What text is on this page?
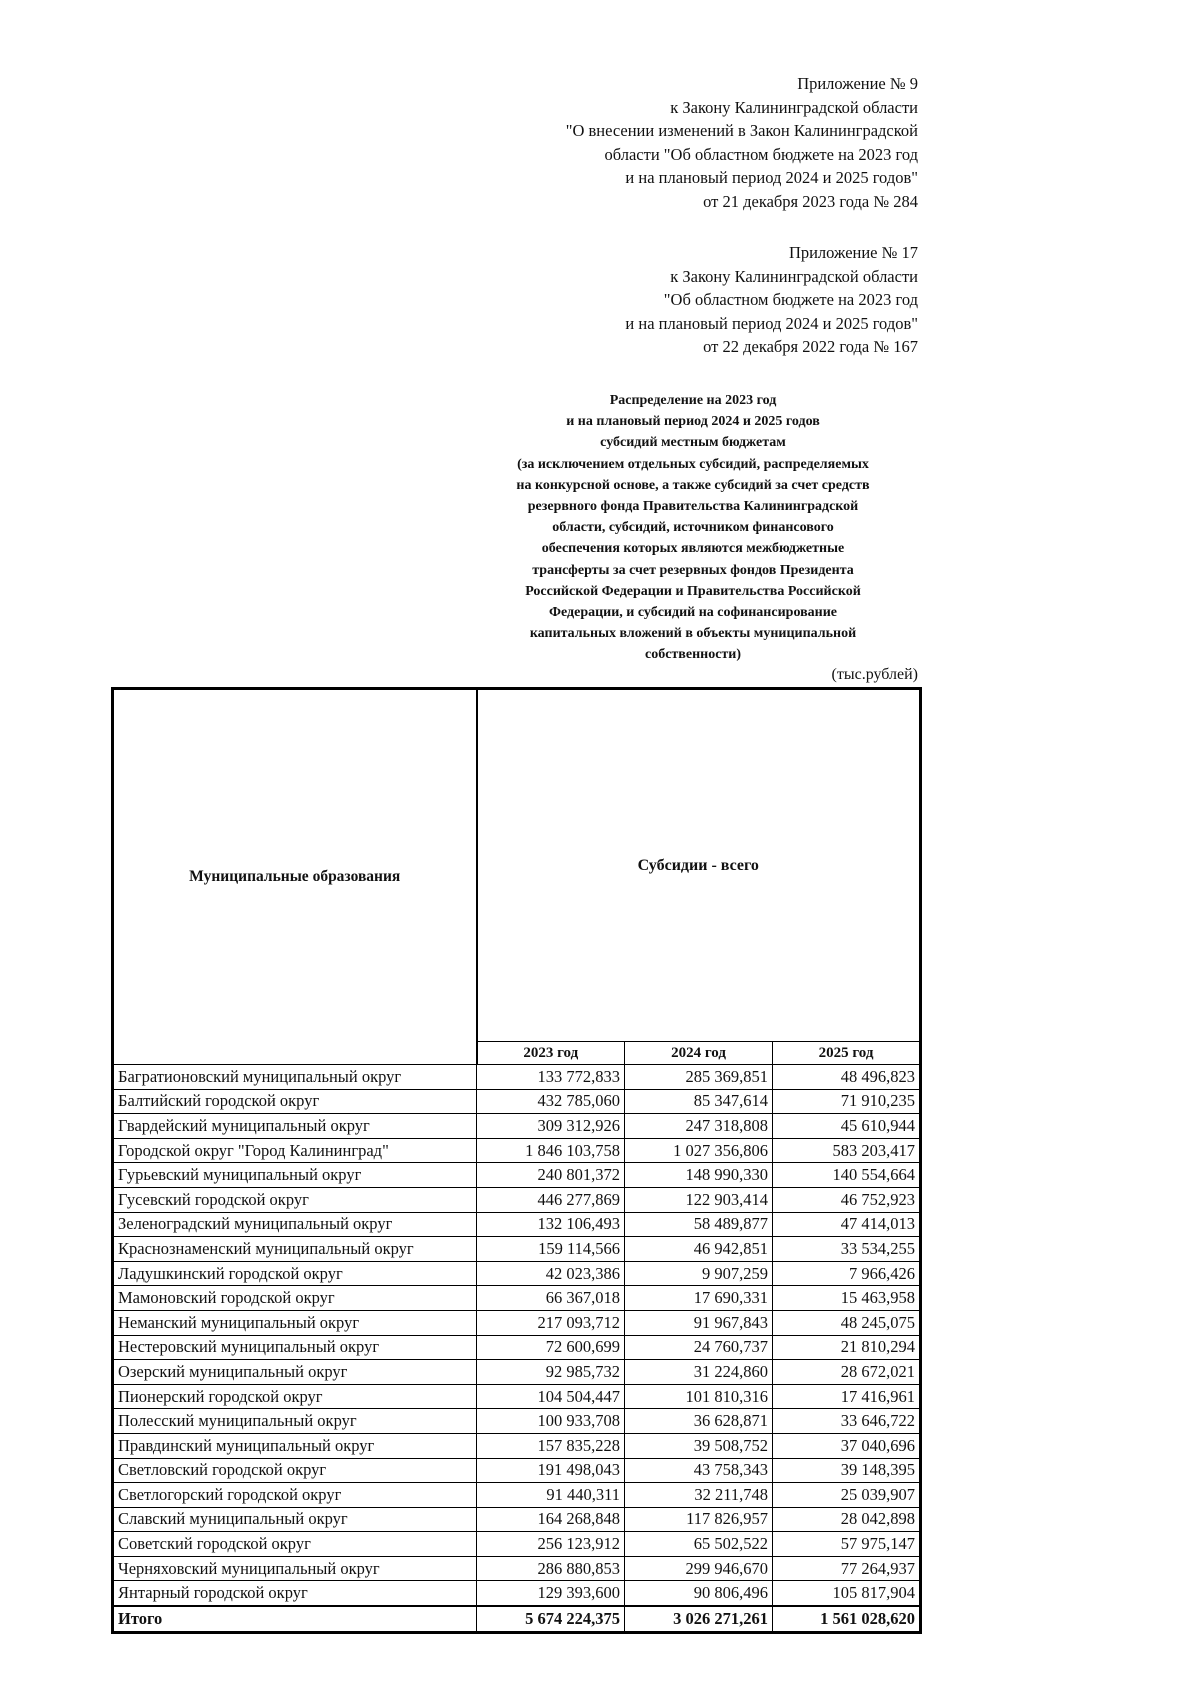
Приложение № 9
к Закону Калининградской области
"О внесении изменений в Закон Калининградской
области "Об областном бюджете на 2023 год
и на плановый период 2024 и 2025 годов"
от 21 декабря 2023 года № 284
Приложение № 17
к Закону Калининградской области
"Об областном бюджете на 2023 год
и на плановый период 2024 и 2025 годов"
от 22 декабря 2022 года № 167
Распределение на 2023 год
и на плановый период 2024 и 2025 годов
субсидий местным бюджетам
(за исключением отдельных субсидий, распределяемых
на конкурсной основе, а также субсидий за счет средств
резервного фонда Правительства Калининградской
области, субсидий, источником финансового
обеспечения которых являются межбюджетные
трансферты за счет резервных фондов Президента
Российской Федерации и Правительства Российской
Федерации, и субсидий на софинансирование
капитальных вложений в объекты муниципальной
собственности)
(тыс.рублей)
Муниципальные образования	Субсидии - всего		
	2023 год	2024 год	2025 год
Багратионовский муниципальный округ	133 772,833	285 369,851	48 496,823
Балтийский городской округ	432 785,060	85 347,614	71 910,235
Гвардейский муниципальный округ	309 312,926	247 318,808	45 610,944
Городской округ "Город Калининград"	1 846 103,758	1 027 356,806	583 203,417
Гурьевский муниципальный округ	240 801,372	148 990,330	140 554,664
Гусевский городской округ	446 277,869	122 903,414	46 752,923
Зеленоградский муниципальный округ	132 106,493	58 489,877	47 414,013
Краснознаменский муниципальный округ	159 114,566	46 942,851	33 534,255
Ладушкинский городской округ	42 023,386	9 907,259	7 966,426
Мамоновский городской округ	66 367,018	17 690,331	15 463,958
Неманский муниципальный округ	217 093,712	91 967,843	48 245,075
Нестеровский муниципальный округ	72 600,699	24 760,737	21 810,294
Озерский муниципальный округ	92 985,732	31 224,860	28 672,021
Пионерский городской округ	104 504,447	101 810,316	17 416,961
Полесский муниципальный округ	100 933,708	36 628,871	33 646,722
Правдинский муниципальный округ	157 835,228	39 508,752	37 040,696
Светловский городской округ	191 498,043	43 758,343	39 148,395
Светлогорский городской округ	91 440,311	32 211,748	25 039,907
Славский муниципальный округ	164 268,848	117 826,957	28 042,898
Советский городской округ	256 123,912	65 502,522	57 975,147
Черняховский муниципальный округ	286 880,853	299 946,670	77 264,937
Янтарный городской округ	129 393,600	90 806,496	105 817,904
Итого	5 674 224,375	3 026 271,261	1 561 028,620
